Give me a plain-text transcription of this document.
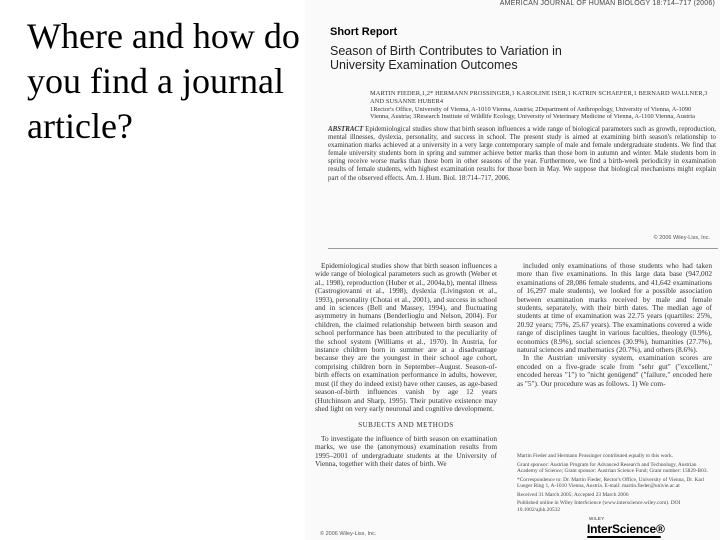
Where and how do you find a journal article?
AMERICAN JOURNAL OF HUMAN BIOLOGY 18:714–717 (2006)
Short Report
Season of Birth Contributes to Variation in University Examination Outcomes
MARTIN FIEDER,1,2* HERMANN PROSSINGER,1 KAROLINE ISER,1 KATRIN SCHAEFER,1 BERNARD WALLNER,3 AND SUSANNE HUBER4
1Rector's Office, University of Vienna, A-1010 Vienna, Austria; 2Department of Anthropology, University of Vienna, A-1090 Vienna, Austria; 3Research Institute of Wildlife Ecology, University of Veterinary Medicine of Vienna, A-1160 Vienna, Austria
ABSTRACT Epidemiological studies show that birth season influences a wide range of biological parameters such as growth, reproduction, mental illnesses, dyslexia, personality, and success in school. The present study is aimed at examining birth season's relationship to examination marks achieved at a university in a very large contemporary sample of male and female undergraduate students. We find that female university students born in spring and summer achieve better marks than those born in autumn and winter. Male students born in spring receive worse marks than those born in other seasons of the year. Furthermore, we find a birth-week periodicity in examination results of female students, with highest examination results for those born in May. We suppose that biological mechanisms might explain part of the observed effects. Am. J. Hum. Biol. 18:714–717, 2006.
© 2006 Wiley-Liss, Inc.

Epidemiological studies show that birth season influences a wide range of biological parameters such as growth (Weber et al., 1998), reproduction (Huber et al., 2004a,b), mental illness (Castrogiovanni et al., 1998), dyslexia (Livingston et al., 1993), personality (Chotai et al., 2001), and success in school and in sciences (Bell and Massey, 1994), and fluctuating asymmetry in humans (Benderlioglu and Nelson, 2004). For children, the claimed relationship between birth season and school performance has been attributed to the peculiarity of the school system (Williams et al., 1970). In Austria, for instance children born in summer are at a disadvantage because they are the youngest in their school age cohort, comprising children born in September–August. Season-of-birth effects on examination performance in adults, however, must (if they do indeed exist) have other causes, as age-based season-of-birth influences vanish by age 12 years (Hutchinson and Sharp, 1995). Their putative existence may shed light on very early neuronal and cognitive development.

SUBJECTS AND METHODS

To investigate the influence of birth season on examination marks, we use the (anonymous) examination results from 1995–2001 of undergraduate students at the University of Vienna, together with their dates of birth. We

included only examinations of those students who had taken more than five examinations. In this large data base (947,002 examinations of 28,086 female students, and 41,642 examinations of 16,297 male students), we looked for a possible association between examination marks received by male and female students, separately, with their birth dates. The median age of students at time of examination was 22.75 years (quartiles: 25%, 20.92 years; 75%, 25.67 years). The examinations covered a wide range of disciplines taught in various faculties, theology (0.9%), economics (8.9%), social sciences (30.9%), humanities (27.7%), natural sciences and mathematics (20.7%), and others (8.6%).

In the Austrian university system, examination scores are encoded on a five-grade scale from "sehr gut" ("excellent," encoded hereas "1") to "nicht genügend" ("failure," encoded here as "5"). Our procedure was as follows. 1) We com-

Martin Fieder and Hermann Prossinger contributed equally to this work.

Grant sponsor: Austrian Program for Advanced Research and Technology, Austrian Academy of Science; Grant sponsor: Austrian Science Fund; Grant number: 15829-B03.

*Correspondence to: Dr. Martin Fieder, Rector's Office, University of Vienna, Dr. Karl Lueger Ring 1, A-1010 Vienna, Austria. E-mail: martin.fieder@univie.ac.at

Received 31 March 2005; Accepted 23 March 2006

Published online in Wiley InterScience (www.interscience.wiley.com). DOI 10.1002/ajhb.20532

© 2006 Wiley-Liss, Inc.
WILEY
InterScience®
